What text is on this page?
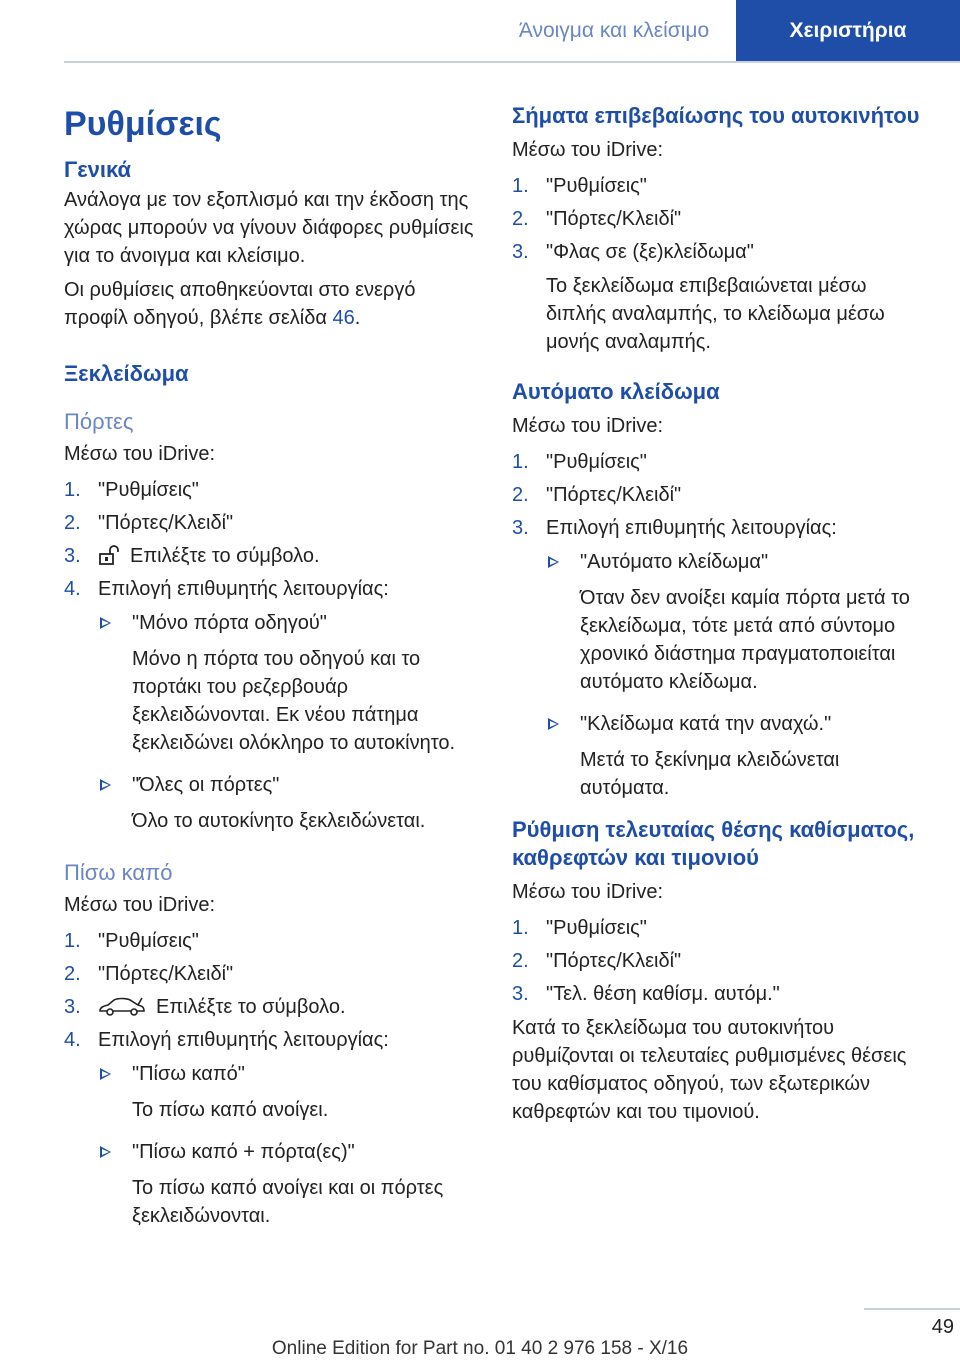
Άνοιγμα και κλείσιμο	Χειριστήρια
Ρυθμίσεις
Γενικά

Ανάλογα με τον εξοπλισμό και την έκδοση της χώρας μπορούν να γίνουν διάφορες ρυθμίσεις για το άνοιγμα και κλείσιμο.

Οι ρυθμίσεις αποθηκεύονται στο ενεργό προφίλ οδηγού, βλέπε σελίδα 46.

Ξεκλείδωμα
Πόρτες

Μέσω του iDrive:

1. "Ρυθμίσεις"
2. "Πόρτες/Κλειδί"
3. Επιλέξτε το σύμβολο.
4. Επιλογή επιθυμητής λειτουργίας:
"Μόνο πόρτα οδηγού"
Μόνο η πόρτα του οδηγού και το πορτάκι του ρεζερβουάρ ξεκλειδώνονται. Εκ νέου πάτημα ξεκλειδώνει ολόκληρο το αυτοκίνητο.
"Όλες οι πόρτες"
Όλο το αυτοκίνητο ξεκλειδώνεται.
Πίσω καπό

Μέσω του iDrive:

1. "Ρυθμίσεις"
2. "Πόρτες/Κλειδί"
3.	Επιλέξτε το σύμβολο.
4. Επιλογή επιθυμητής λειτουργίας:
"Πίσω καπό"
Το πίσω καπό ανοίγει.
"Πίσω καπό + πόρτα(ες)"
Το πίσω καπό ανοίγει και οι πόρτες ξεκλειδώνονται.
Σήματα επιβεβαίωσης του αυτοκινήτου

Μέσω του iDrive:

1. "Ρυθμίσεις"
2. "Πόρτες/Κλειδί"
3. "Φλας σε (ξε)κλείδωμα"
Το ξεκλείδωμα επιβεβαιώνεται μέσω διπλής αναλαμπής, το κλείδωμα μέσω μονής αναλαμπής.
Αυτόματο κλείδωμα

Μέσω του iDrive:

1. "Ρυθμίσεις"
2. "Πόρτες/Κλειδί"
3. Επιλογή επιθυμητής λειτουργίας:
"Αυτόματο κλείδωμα"
Όταν δεν ανοίξει καμία πόρτα μετά το ξεκλείδωμα, τότε μετά από σύντομο χρονικό διάστημα πραγματοποιείται αυτόματο κλείδωμα.
"Κλείδωμα κατά την αναχώ."
Μετά το ξεκίνημα κλειδώνεται αυτόματα.
Ρύθμιση τελευταίας θέσης καθίσματος, καθρεφτών και τιμονιού

Μέσω του iDrive:

1. "Ρυθμίσεις"
2. "Πόρτες/Κλειδί"
3. "Τελ. θέση καθίσμ. αυτόμ."

Κατά το ξεκλείδωμα του αυτοκινήτου ρυθμίζονται οι τελευταίες ρυθμισμένες θέσεις του καθίσματος οδηγού, των εξωτερικών καθρεφτών και του τιμονιού.

49
Online Edition for Part no. 01 40 2 976 158 - X/16
